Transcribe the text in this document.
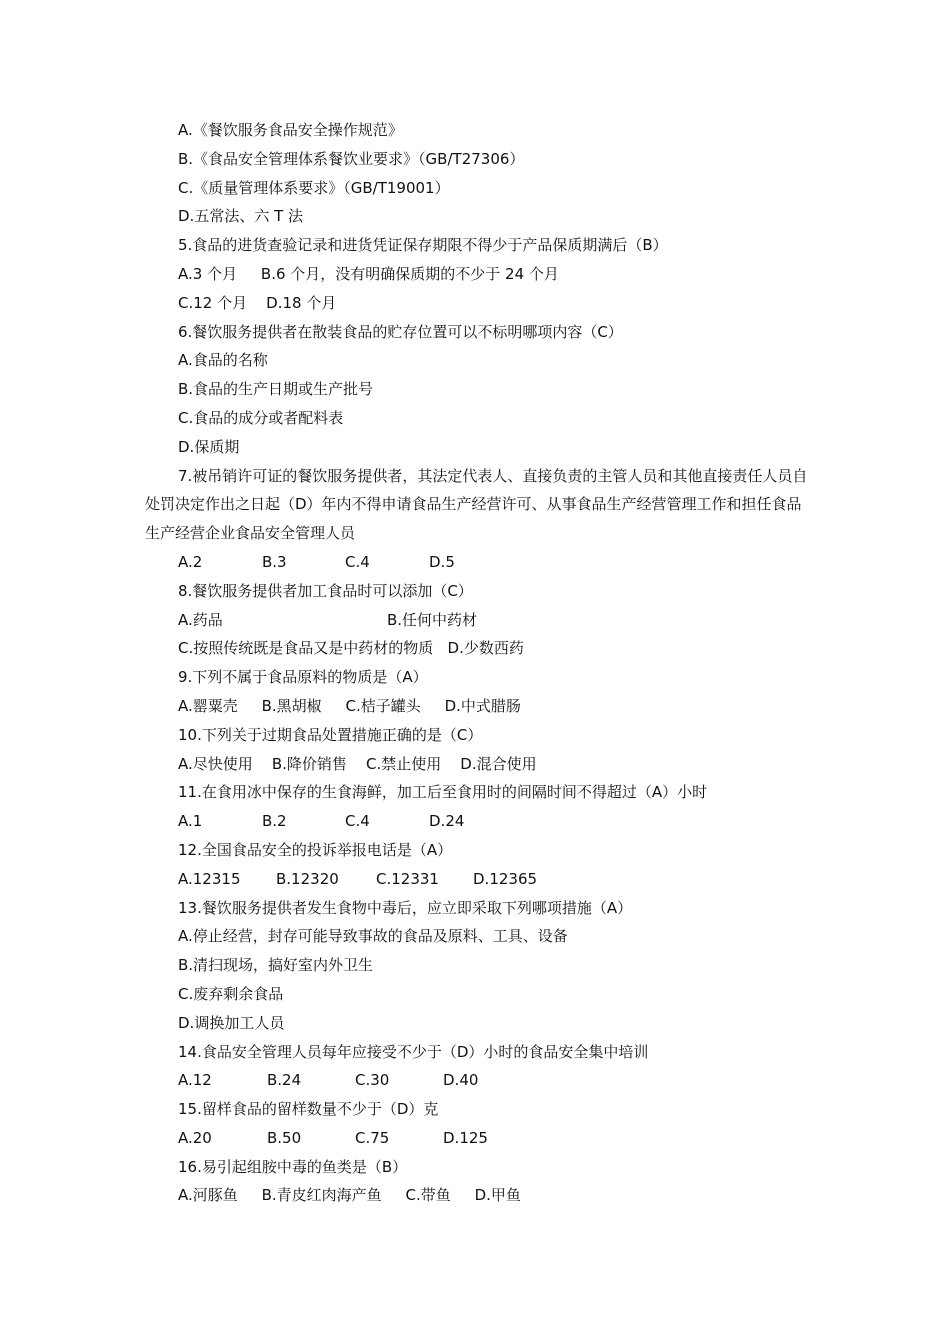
A.《餐饮服务食品安全操作规范》
B.《食品安全管理体系餐饮业要求》（GB/T27306）
C.《质量管理体系要求》（GB/T19001）
D.五常法、六 T 法
5.食品的进货查验记录和进货凭证保存期限不得少于产品保质期满后（B）
A.3 个月     B.6 个月，没有明确保质期的不少于 24 个月
C.12 个月    D.18 个月
6.餐饮服务提供者在散装食品的贮存位置可以不标明哪项内容（C）
A.食品的名称
B.食品的生产日期或生产批号
C.食品的成分或者配料表
D.保质期
7.被吊销许可证的餐饮服务提供者，其法定代表人、直接负责的主管人员和其他直接责任人员自处罚决定作出之日起（D）年内不得申请食品生产经营许可、从事食品生产经营管理工作和担任食品生产经营企业食品安全管理人员
A.2	B.3	C.4	D.5
8.餐饮服务提供者加工食品时可以添加（C）
A.药品	B.任何中药材
C.按照传统既是食品又是中药材的物质   D.少数西药
9.下列不属于食品原料的物质是（A）
A.罂粟壳     B.黑胡椒     C.桔子罐头     D.中式腊肠
10.下列关于过期食品处置措施正确的是（C）
A.尽快使用    B.降价销售    C.禁止使用    D.混合使用
11.在食用冰中保存的生食海鲜，加工后至食用时的间隔时间不得超过（A）小时
A.1	B.2	C.4	D.24
12.全国食品安全的投诉举报电话是（A）
A.12315	B.12320	C.12331	D.12365
13.餐饮服务提供者发生食物中毒后，应立即采取下列哪项措施（A）
A.停止经营，封存可能导致事故的食品及原料、工具、设备
B.清扫现场，搞好室内外卫生
C.废弃剩余食品
D.调换加工人员
14.食品安全管理人员每年应接受不少于（D）小时的食品安全集中培训
A.12	B.24	C.30	D.40
15.留样食品的留样数量不少于（D）克
A.20	B.50	C.75	D.125
16.易引起组胺中毒的鱼类是（B）
A.河豚鱼     B.青皮红肉海产鱼     C.带鱼     D.甲鱼
